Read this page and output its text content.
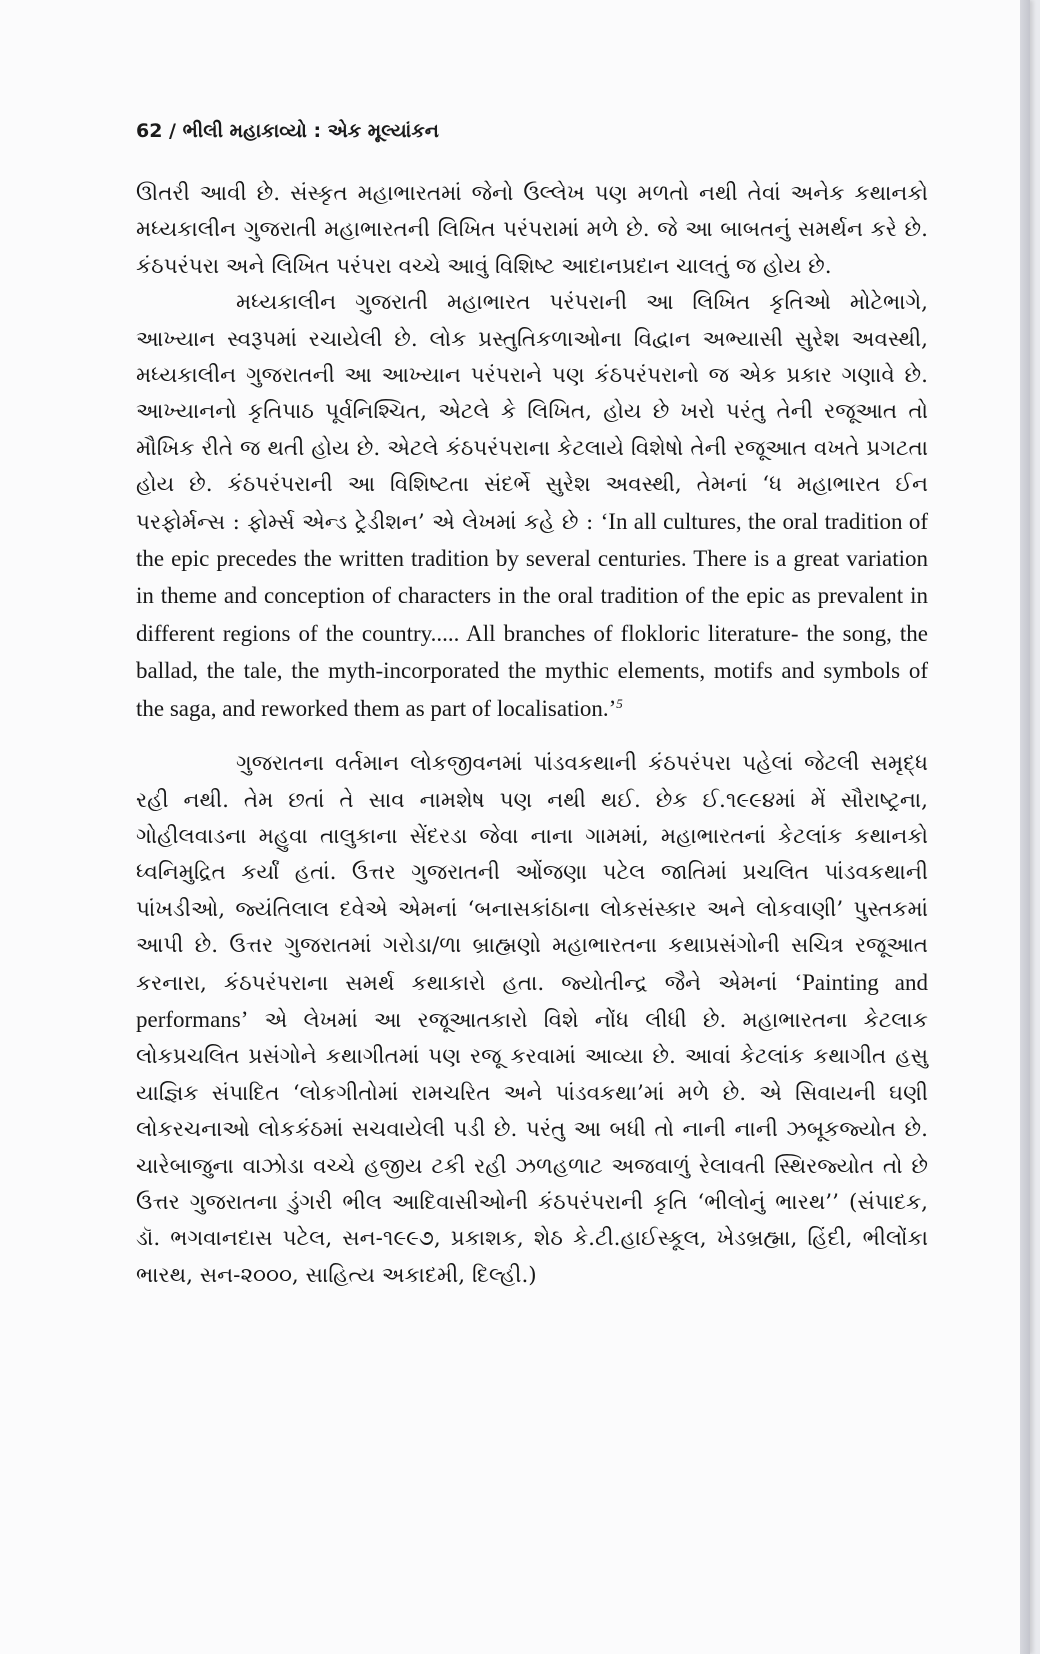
62 / ભીલી મહાકાવ્યો : એક મૂલ્યાંકન

ઊતરી આવી છે. સંસ્કૃત મહાભારતમાં જેનો ઉલ્લેખ પણ મળતો નથી તેવાં અનેક કથાનકો મધ્યકાલીન ગુજરાતી મહાભારતની લિખિત પરંપરામાં મળે છે. જે આ બાબતનું સમર્થન કરે છે. કંઠપરંપરા અને લિખિત પરંપરા વચ્ચે આવું વિશિષ્ટ આદાનપ્રદાન ચાલતું જ હોય છે.

મધ્યકાલીન ગુજરાતી મહાભારત પરંપરાની આ લિખિત કૃતિઓ મોટેભાગે, આખ્યાન સ્વરૂપમાં રચાયેલી છે. લોક પ્રસ્તુતિકળાઓના વિદ્વાન અભ્યાસી સુરેશ અવસ્થી, મધ્યકાલીન ગુજરાતની આ આખ્યાન પરંપરાને પણ કંઠપરંપરાનો જ એક પ્રકાર ગણાવે છે. આખ્યાનનો કૃતિપાઠ પૂર્વનિશ્ચિત, એટલે કે લિખિત, હોય છે ખરો પરંતુ તેની રજૂઆત તો મૌખિક રીતે જ થતી હોય છે. એટલે કંઠપરંપરાના કેટલાયે વિશેષો તેની રજૂઆત વખતે પ્રગટતા હોય છે. કંઠપરંપરાની આ વિશિષ્ટતા સંદર્ભે સુરેશ અવસ્થી, તેમનાં ‘ધ મહાભારત ઈન પરફોર્મન્સ : ફોર્મ્સ એન્ડ ટ્રેડીશન’ એ લેખમાં કહે છે : ‘In all cultures, the oral tradition of the epic precedes the written tradition by several centuries. There is a great variation in theme and conception of characters in the oral tradition of the epic as prevalent in different regions of the country..... All branches of flokloric literature- the song, the ballad, the tale, the myth-incorporated the mythic elements, motifs and symbols of the saga, and reworked them as part of localisation.’$^5$

ગુજરાતના વર્તમાન લોકજીવનમાં પાંડવકથાની કંઠપરંપરા પહેલાં જેટલી સમૃદ્ધ રહી નથી. તેમ છતાં તે સાવ નામશેષ પણ નથી થઈ. છેક ઈ.૧૯૯૪માં મેં સૌરાષ્ટ્રના, ગોહીલવાડના મહુવા તાલુકાના સેંદરડા જેવા નાના ગામમાં, મહાભારતનાં કેટલાંક કથાનકો ધ્વનિમુદ્રિત કર્યાં હતાં. ઉત્તર ગુજરાતની ઓંજણા પટેલ જાતિમાં પ્રચલિત પાંડવકથાની પાંખડીઓ, જ્યંતિલાલ દવેએ એમનાં ‘બનાસકાંઠાના લોકસંસ્કાર અને લોકવાણી’ પુસ્તકમાં આપી છે. ઉત્તર ગુજરાતમાં ગરોડા/ળા બ્રાહ્મણો મહાભારતના કથાપ્રસંગોની સચિત્ર રજૂઆત કરનારા, કંઠપરંપરાના સમર્થ કથાકારો હતા. જ્યોતીન્દ્ર જૈને એમનાં ‘Painting and performans’ એ લેખમાં આ રજૂઆતકારો વિશે નોંધ લીધી છે. મહાભારતના કેટલાક લોકપ્રચલિત પ્રસંગોને કથાગીતમાં પણ રજૂ કરવામાં આવ્યા છે. આવાં કેટલાંક કથાગીત હસુ યાજ્ઞિક સંપાદિત ‘લોકગીતોમાં રામચરિત અને પાંડવકથા’માં મળે છે. એ સિવાયની ઘણી લોકરચનાઓ લોકકંઠમાં સચવાયેલી પડી છે. પરંતુ આ બધી તો નાની નાની ઝબૂકજ્યોત છે. ચારેબાજુના વાઝોડા વચ્ચે હજીય ટકી રહી ઝળહળાટ અજવાળું રેલાવતી સ્થિરજ્યોત તો છે ઉત્તર ગુજરાતના ડુંગરી ભીલ આદિવાસીઓની કંઠપરંપરાની કૃતિ ‘ભીલોનું ભારથ’’ (સંપાદક, ડૉ. ભગવાનદાસ પટેલ, સન-૧૯૯૭, પ્રકાશક, શેઠ કે.ટી.હાઈસ્કૂલ, ખેડબ્રહ્મા, હિંદી, ભીલોંકા ભારથ, સન-૨૦૦૦, સાહિત્ય અકાદમી, દિલ્હી.)
